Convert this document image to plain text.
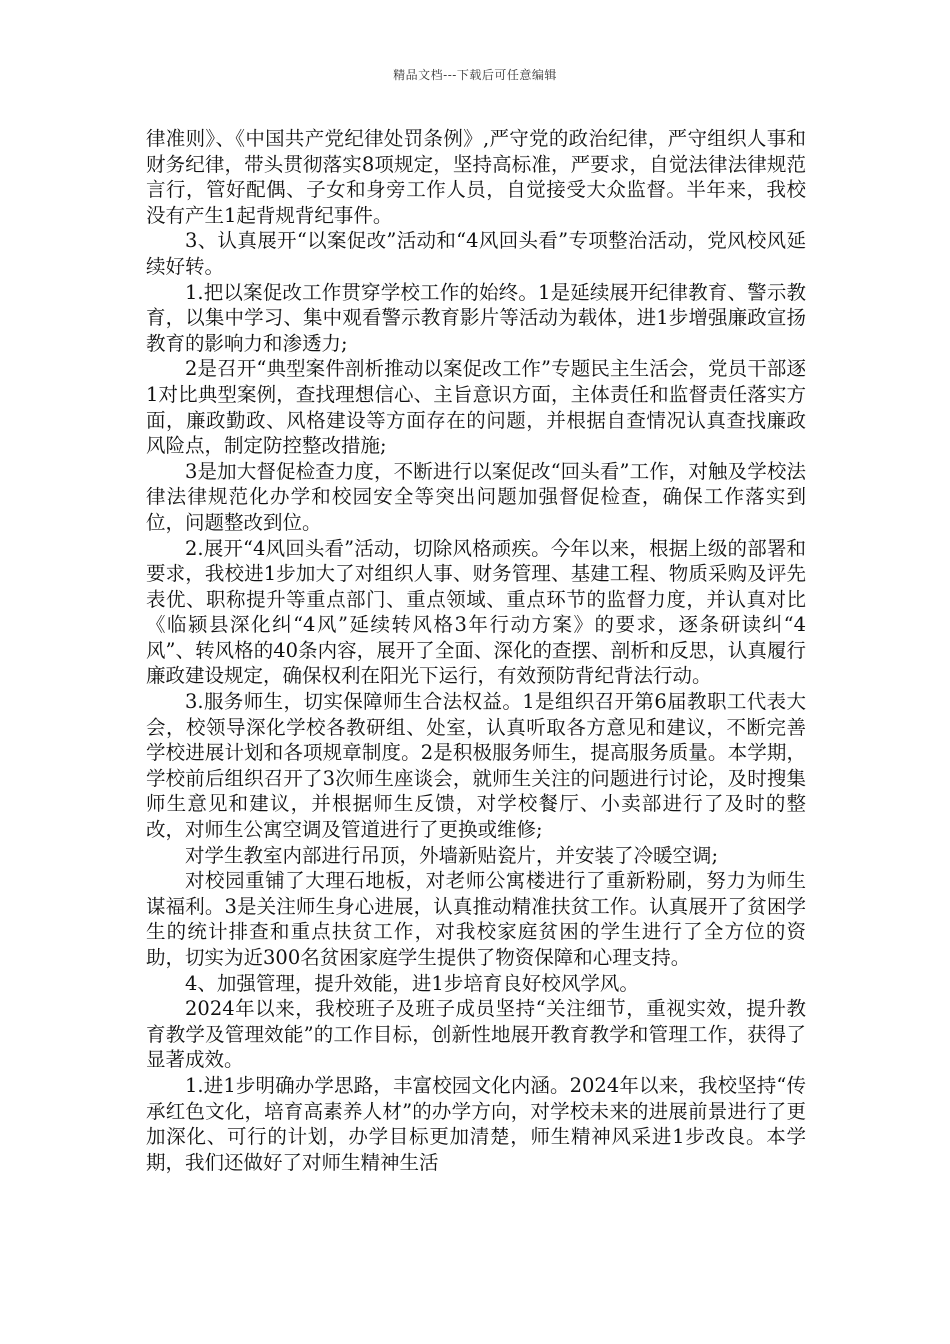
精品文档---下载后可任意编辑

律准则》、《中国共产党纪律处罚条例》,严守党的政治纪律，严守组织人事和财务纪律，带头贯彻落实8项规定，坚持高标准，严要求，自觉法律法律规范言行，管好配偶、子女和身旁工作人员，自觉接受大众监督。半年来，我校没有产生1起背规背纪事件。

3、认真展开“以案促改”活动和“4风回头看”专项整治活动，党风校风延续好转。

1.把以案促改工作贯穿学校工作的始终。1是延续展开纪律教育、警示教育，以集中学习、集中观看警示教育影片等活动为载体，进1步增强廉政宣扬教育的影响力和渗透力;

2是召开“典型案件剖析推动以案促改工作”专题民主生活会，党员干部逐1对比典型案例，查找理想信心、主旨意识方面，主体责任和监督责任落实方面，廉政勤政、风格建设等方面存在的问题，并根据自查情况认真查找廉政风险点，制定防控整改措施;

3是加大督促检查力度，不断进行以案促改“回头看”工作，对触及学校法律法律规范化办学和校园安全等突出问题加强督促检查，确保工作落实到位，问题整改到位。

2.展开“4风回头看”活动，切除风格顽疾。今年以来，根据上级的部署和要求，我校进1步加大了对组织人事、财务管理、基建工程、物质采购及评先表优、职称提升等重点部门、重点领域、重点环节的监督力度，并认真对比《临颍县深化纠“4风”延续转风格3年行动方案》的要求，逐条研读纠“4风”、转风格的40条内容，展开了全面、深化的查摆、剖析和反思，认真履行廉政建设规定，确保权利在阳光下运行，有效预防背纪背法行动。

3.服务师生，切实保障师生合法权益。1是组织召开第6届教职工代表大会，校领导深化学校各教研组、处室，认真听取各方意见和建议，不断完善学校进展计划和各项规章制度。2是积极服务师生，提高服务质量。本学期，学校前后组织召开了3次师生座谈会，就师生关注的问题进行讨论，及时搜集师生意见和建议，并根据师生反馈，对学校餐厅、小卖部进行了及时的整改，对师生公寓空调及管道进行了更换或维修;

对学生教室内部进行吊顶，外墙新贴瓷片，并安装了冷暖空调;

对校园重铺了大理石地板，对老师公寓楼进行了重新粉刷，努力为师生谋福利。3是关注师生身心进展，认真推动精准扶贫工作。认真展开了贫困学生的统计排查和重点扶贫工作，对我校家庭贫困的学生进行了全方位的资助，切实为近300名贫困家庭学生提供了物资保障和心理支持。

4、加强管理，提升效能，进1步培育良好校风学风。

2024年以来，我校班子及班子成员坚持“关注细节，重视实效，提升教育教学及管理效能”的工作目标，创新性地展开教育教学和管理工作，获得了显著成效。

1.进1步明确办学思路，丰富校园文化内涵。2024年以来，我校坚持“传承红色文化，培育高素养人材”的办学方向，对学校未来的进展前景进行了更加深化、可行的计划，办学目标更加清楚，师生精神风采进1步改良。本学期，我们还做好了对师生精神生活
